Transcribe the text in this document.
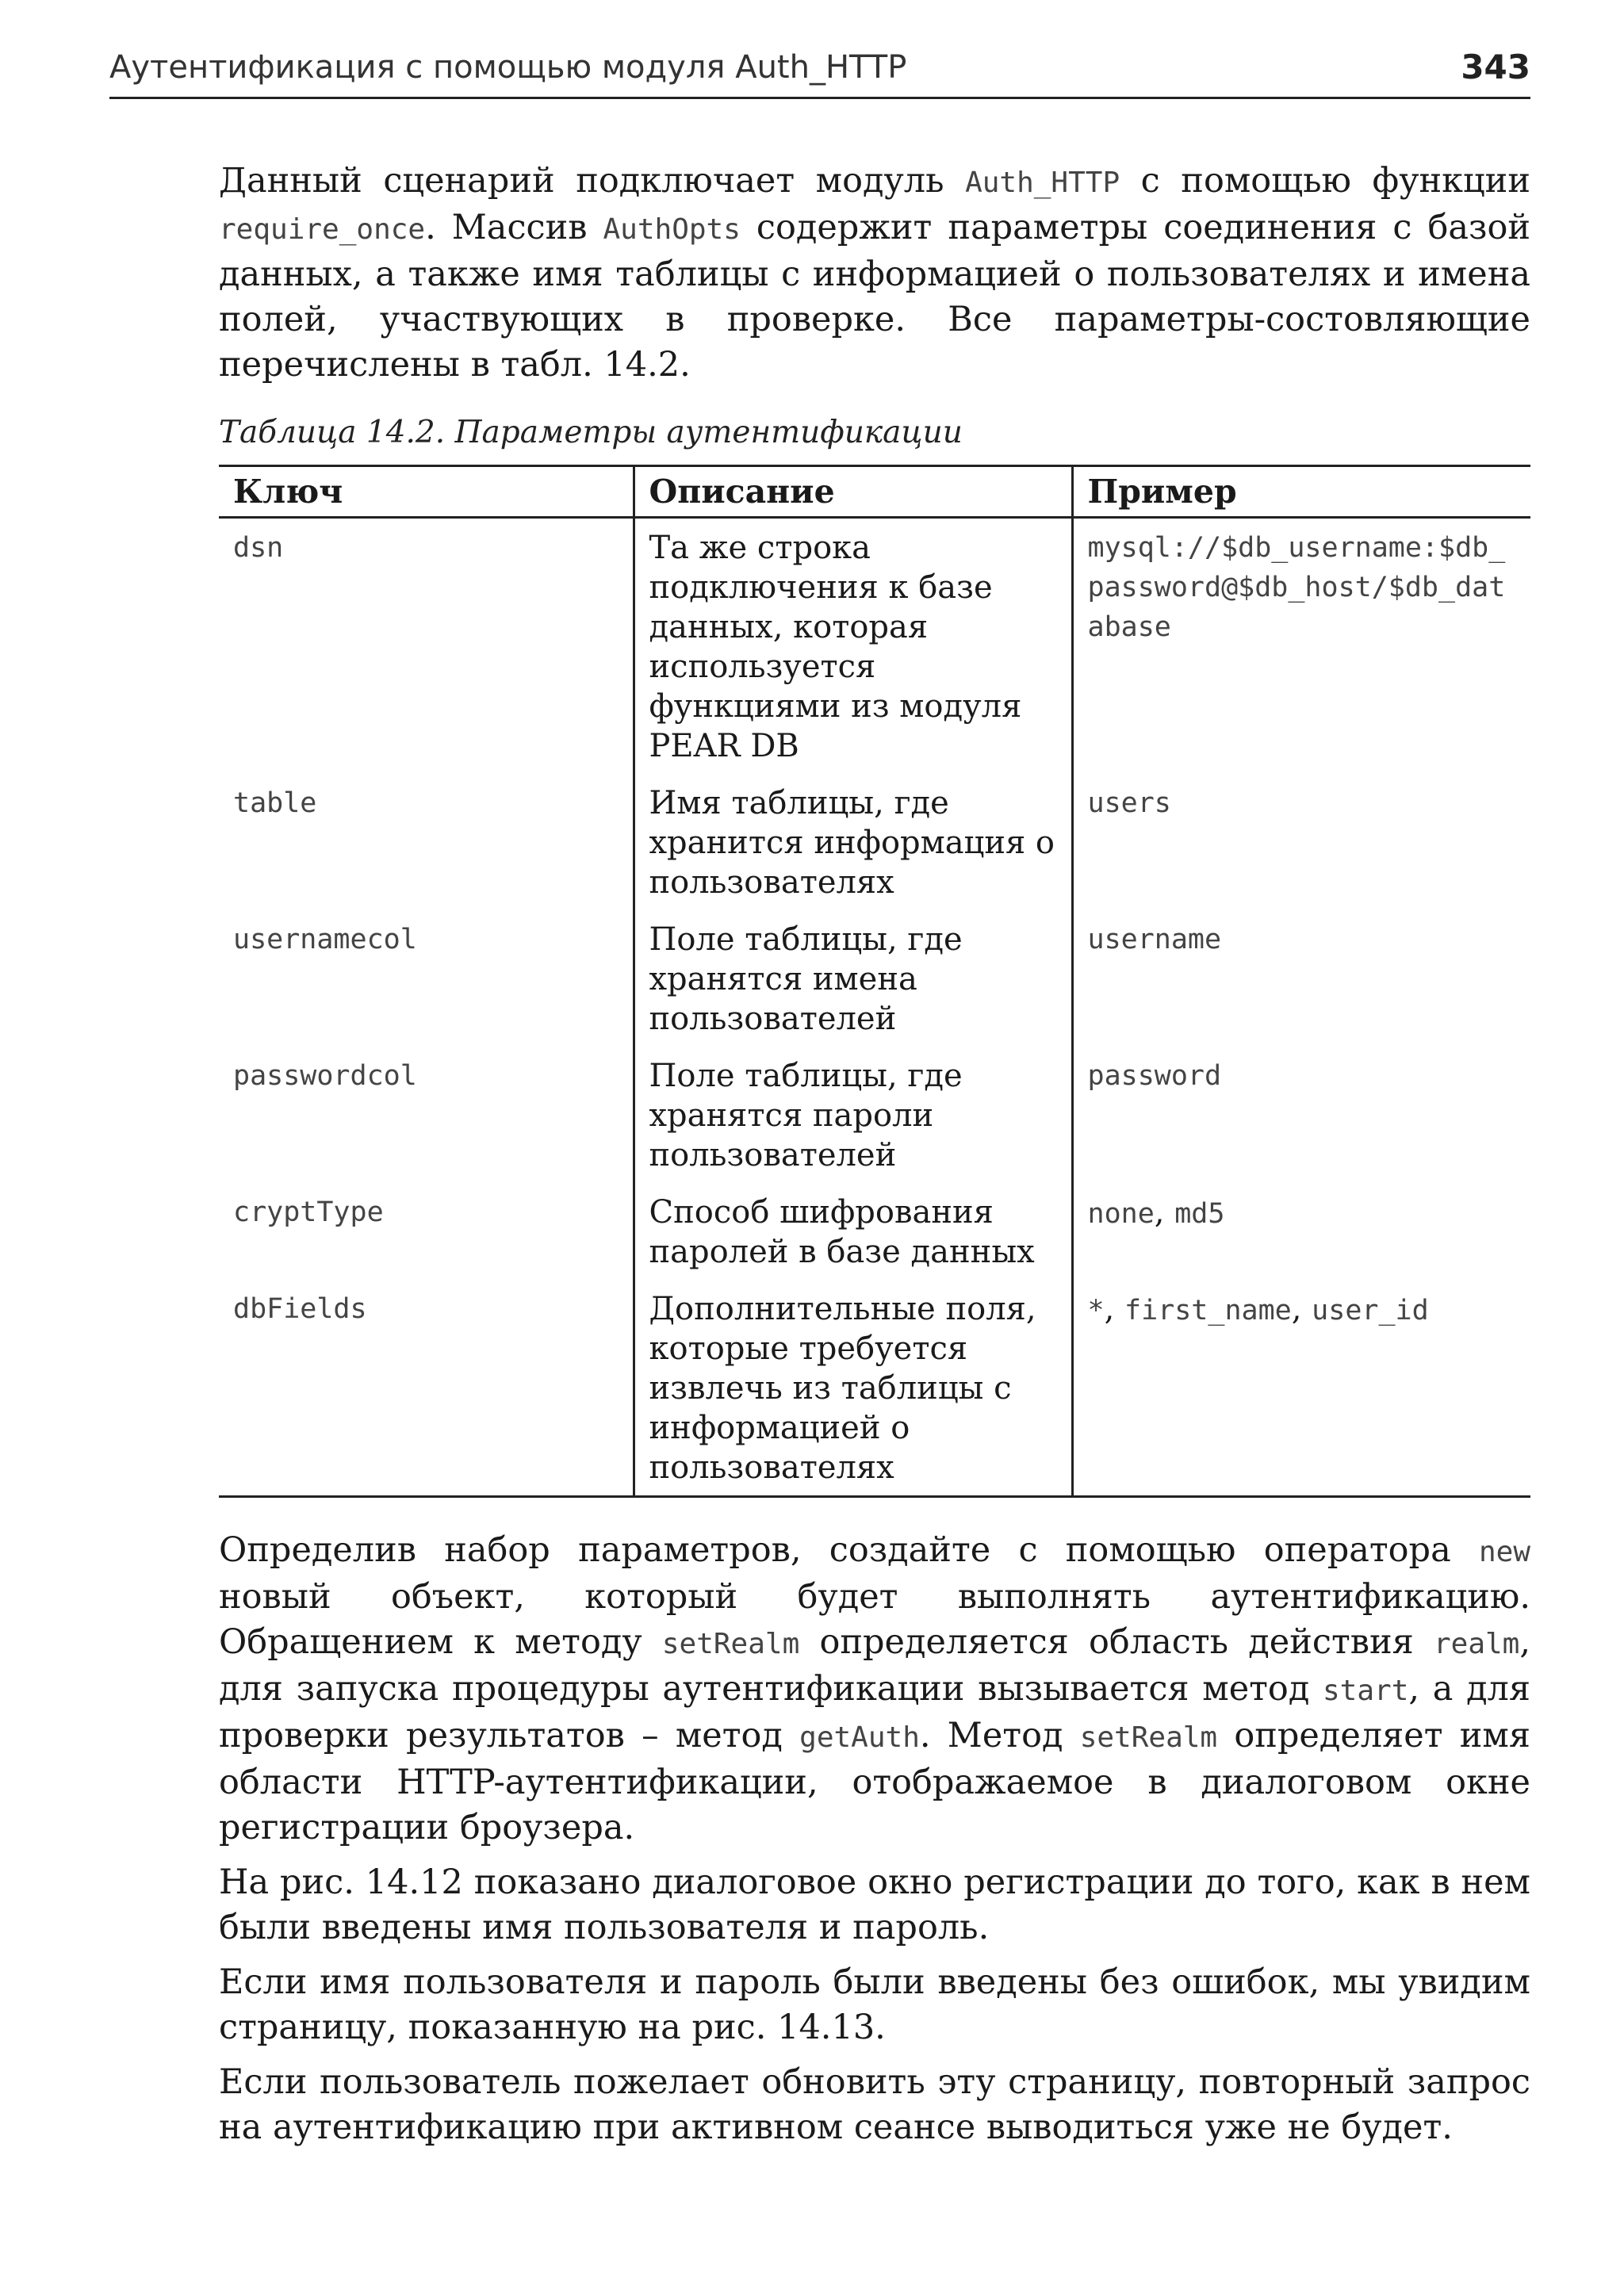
Аутентификация с помощью модуля Auth_HTTP	343

Данный сценарий подключает модуль Auth_HTTP с помощью функции require_once. Массив AuthOpts содержит параметры соединения с базой данных, а также имя таблицы с информацией о пользователях и имена полей, участвующих в проверке. Все параметры-состовляющие перечислены в табл. 14.2.

Таблица 14.2. Параметры аутентификации
Ключ	Описание	Пример
dsn	Та же строка подключения к базе данных, которая используется функциями из модуля PEAR DB	mysql://$db_username:$db_password@$db_host/$db_database
table	Имя таблицы, где хранится информация о пользователях	users
usernamecol	Поле таблицы, где хранятся имена пользователей	username
passwordcol	Поле таблицы, где хранятся пароли пользователей	password
cryptType	Способ шифрования паролей в базе данных	none, md5
dbFields	Дополнительные поля, которые требуется извлечь из таблицы с информацией о пользователях	*, first_name, user_id

Определив набор параметров, создайте с помощью оператора new новый объект, который будет выполнять аутентификацию. Обращением к методу setRealm определяется область действия realm, для запуска процедуры аутентификации вызывается метод start, а для проверки результатов – метод getAuth. Метод setRealm определяет имя области HTTP-аутентификации, отображаемое в диалоговом окне регистрации броузера.

На рис. 14.12 показано диалоговое окно регистрации до того, как в нем были введены имя пользователя и пароль.

Если имя пользователя и пароль были введены без ошибок, мы увидим страницу, показанную на рис. 14.13.

Если пользователь пожелает обновить эту страницу, повторный запрос на аутентификацию при активном сеансе выводиться уже не будет.
